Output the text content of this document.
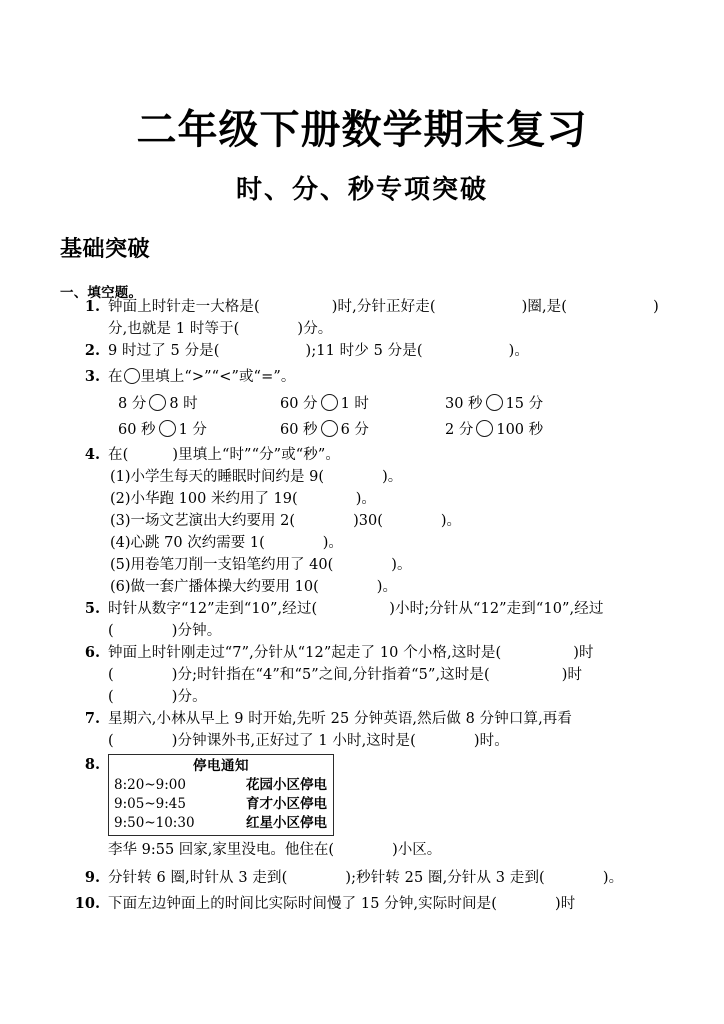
二年级下册数学期末复习
时、分、秒专项突破
基础突破
一、填空题。
1. 钟面上时针走一大格是 (  )	时,分针正好走 (  )	圈,是(  )
分,也就是 1 时等于 (  )	分。
2. 9 时过了 5 分是 (  )	;11 时少 5 分是 (  )	。
3. 在 里填上“>”“<”或“=”。
8 分 8 时	60 分 1 时	30 秒 15 分
60 秒 1 分	60 秒 6 分	2 分 100 秒
4. 在 (  )	里填上“时”“分”或“秒”。
(1)小学生每天的睡眠时间约是 9 (  )	。
(2)小华跑 100 米约用了 19 (  )	。
(3)一场文艺演出大约要用 2 (  )	30 (  )	。
(4)心跳 70 次约需要 1 (  )	。
(5)用卷笔刀削一支铅笔约用了 40 (  )	。
(6)做一套广播体操大约要用 10 (  )	。
5. 时针从数字“12”走到“10”,经过 (  )	小时;分针从“12”走到“10”,经过
(  )分钟。
6. 钟面上时针刚走过“7”,分针从“12”起走了 10 个小格,这时是 (  )	时
(  )分;时针指在“4”和“5”之间,分针指着“5”,这时是 (  )	时
(  )分。
7. 星期六,小林从早上 9 时开始,先听 25 分钟英语,然后做 8 分钟口算,再看
(  )分钟课外书,正好过了 1 小时,这时是 (  )	时。
8.	停电通知
8:20~9:00	花园小区停电
9:05~9:45	育才小区停电
9:50~10:30	红星小区停电
李华 9:55 回家,家里没电。他住在 (  )	小区。
9. 分针转 6 圈,时针从 3 走到 (  )	;秒针转 25 圈,分针从 3 走到 (  )	。
10. 下面左边钟面上的时间比实际时间慢了 15 分钟,实际时间是 (  )	时
